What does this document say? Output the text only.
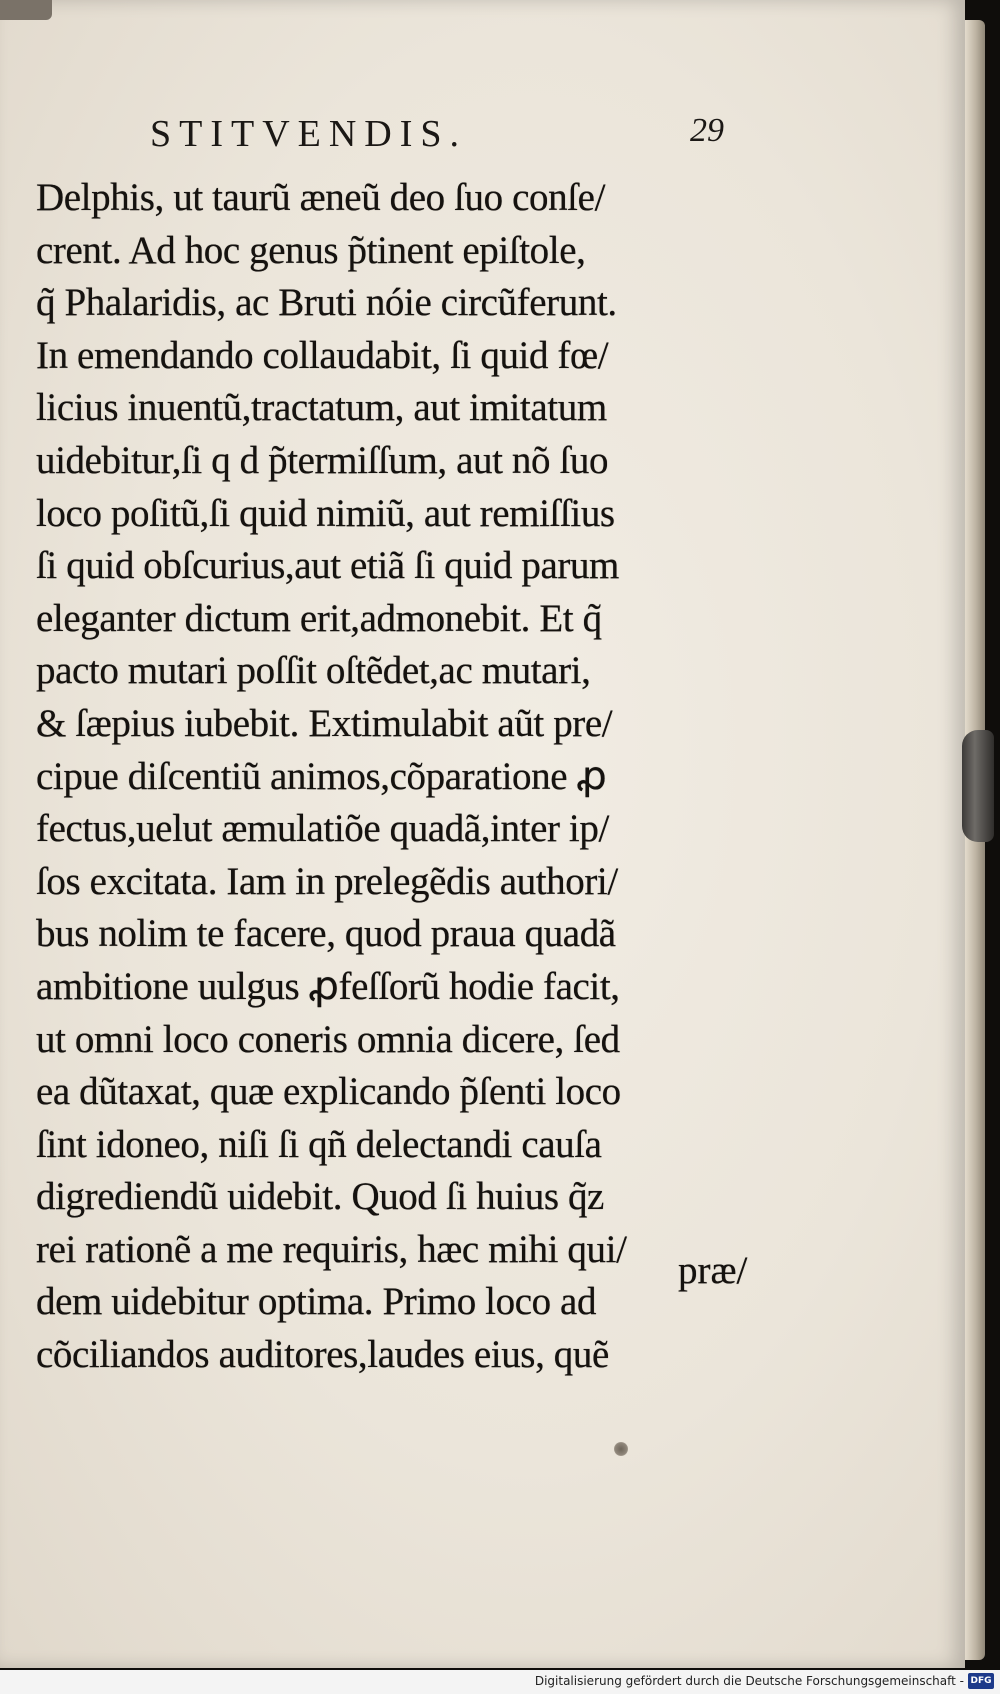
STITVENDIS.	29
Delphis, ut taurũ æneũ deo ſuo conſe/
crent. Ad hoc genus p̃tinent epiſtole,
q̃ Phalaridis, ac Bruti nóie circũferunt.
In emendando collaudabit, ſi quid fœ/
licius inuentũ,tractatum, aut imitatum
uidebitur,ſi q d p̃termiſſum, aut nõ ſuo
loco poſitũ,ſi quid nimiũ, aut remiſſius
ſi quid obſcurius,aut etiã ſi quid parum
eleganter dictum erit,admonebit. Et q̃
pacto mutari poſſit oſtẽdet,ac mutari,
& ſæpius iubebit. Extimulabit aũt pre/
cipue diſcentiũ animos,cõparatione ꝓ
fectus,uelut æmulatiõe quadã,inter ip/
ſos excitata. Iam in prelegẽdis authori/
bus nolim te facere, quod praua quadã
ambitione uulgus ꝓfeſſorũ hodie facit,
ut omni loco coneris omnia dicere, ſed
ea dũtaxat, quæ explicando p̃ſenti loco
ſint idoneo, niſi ſi qñ delectandi cauſa
digrediendũ uidebit. Quod ſi huius q̃z
rei rationẽ a me requiris, hæc mihi qui/
dem uidebitur optima. Primo loco ad
cõciliandos auditores,laudes eius, quẽ
præ/
Digitalisierung gefördert durch die Deutsche Forschungsgemeinschaft - DFG
